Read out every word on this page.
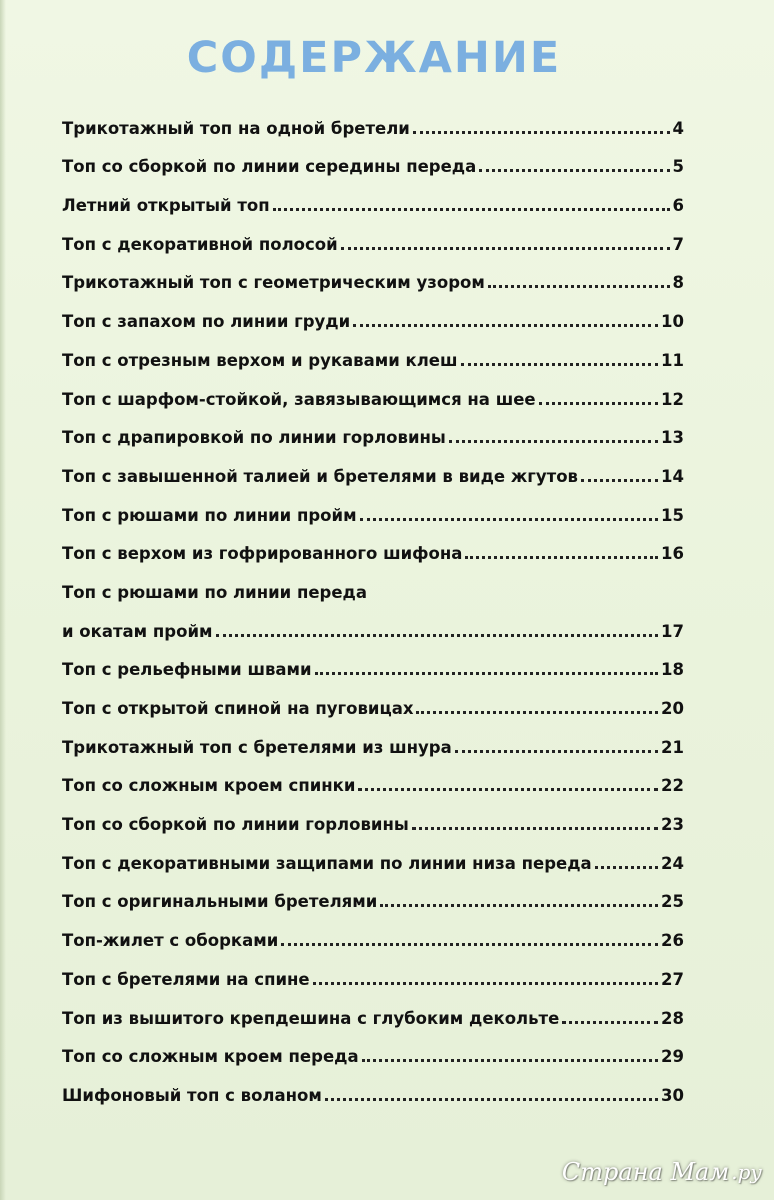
СОДЕРЖАНИЕ
Трикотажный топ на одной бретели	4
Топ со сборкой по линии середины переда	5
Летний открытый топ	6
Топ с декоративной полосой	7
Трикотажный топ с геометрическим узором	8
Топ с запахом по линии груди	10
Топ с отрезным верхом и рукавами клеш	11
Топ с шарфом-стойкой, завязывающимся на шее	12
Топ с драпировкой по линии горловины	13
Топ с завышенной талией и бретелями в виде жгутов	14
Топ с рюшами по линии пройм	15
Топ с верхом из гофрированного шифона	16
Топ с рюшами по линии переда
и окатам пройм	17
Топ с рельефными швами	18
Топ с открытой спиной на пуговицах	20
Трикотажный топ с бретелями из шнура	21
Топ со сложным кроем спинки	22
Топ со сборкой по линии горловины	23
Топ с декоративными защипами по линии низа переда	24
Топ с оригинальными бретелями	25
Топ-жилет с оборками	26
Топ с бретелями на спине	27
Топ из вышитого крепдешина с глубоким декольте	28
Топ со сложным кроем переда	29
Шифоновый топ с воланом	30
Страна Мам .ру
